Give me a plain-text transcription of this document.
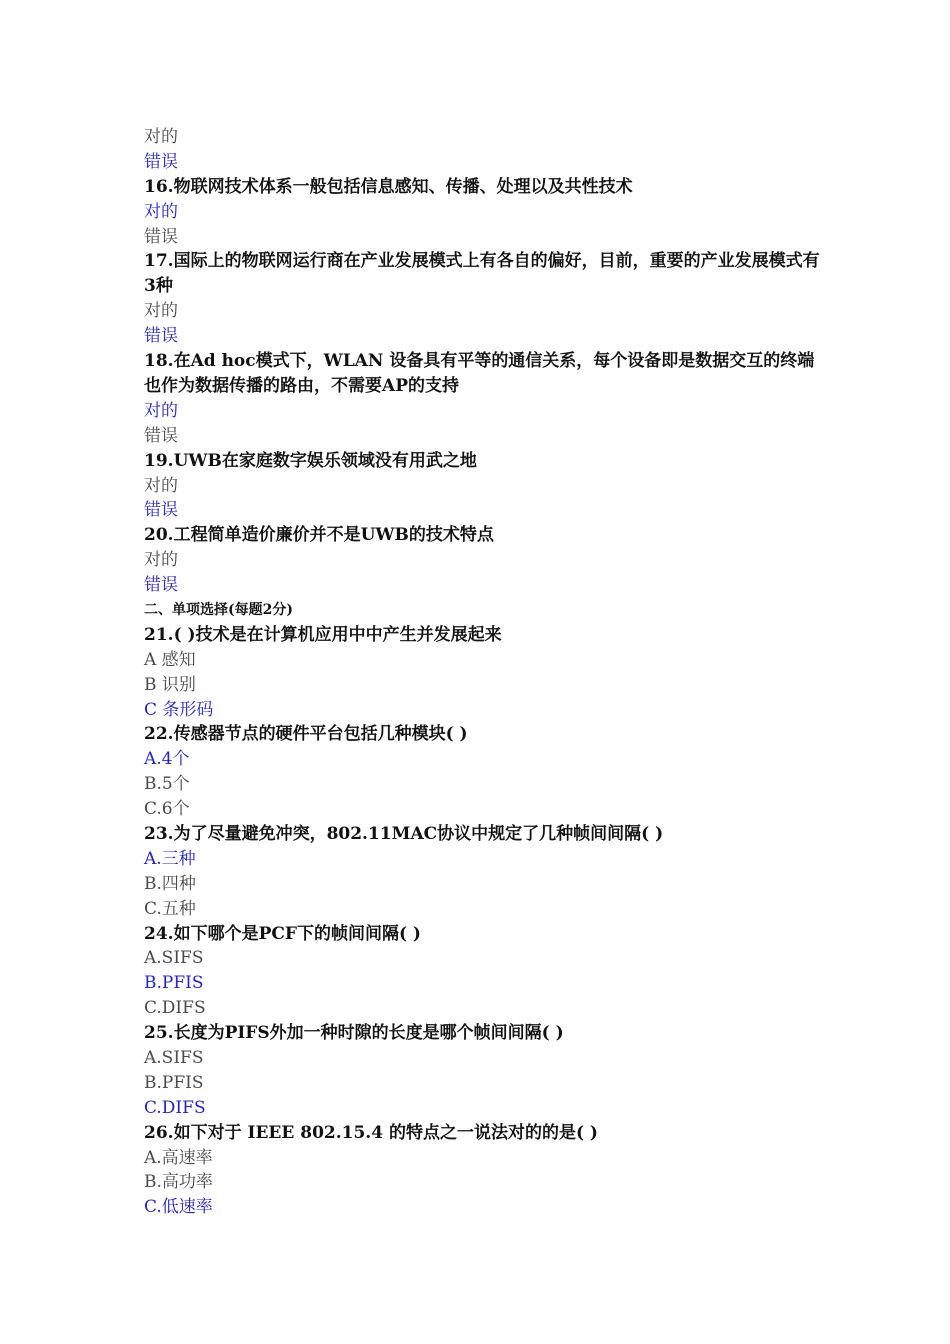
对的
错误
16.物联网技术体系一般包括信息感知、传播、处理以及共性技术
对的
错误
17.国际上的物联网运行商在产业发展模式上有各自的偏好，目前，重要的产业发展模式有3种
对的
错误
18.在Ad hoc模式下，WLAN 设备具有平等的通信关系，每个设备即是数据交互的终端也作为数据传播的路由，不需要AP的支持
对的
错误
19.UWB在家庭数字娱乐领域没有用武之地
对的
错误
20.工程简单造价廉价并不是UWB的技术特点
对的
错误
二、单项选择(每题2分)
21.( )技术是在计算机应用中中产生并发展起来
A 感知
B 识别
C 条形码
22.传感器节点的硬件平台包括几种模块( )
A.4个
B.5个
C.6个
23.为了尽量避免冲突，802.11MAC协议中规定了几种帧间间隔( )
A.三种
B.四种
C.五种
24.如下哪个是PCF下的帧间间隔( )
A.SIFS
B.PFIS
C.DIFS
25.长度为PIFS外加一种时隙的长度是哪个帧间间隔( )
A.SIFS
B.PFIS
C.DIFS
26.如下对于 IEEE 802.15.4 的特点之一说法对的的是( )
A.高速率
B.高功率
C.低速率
